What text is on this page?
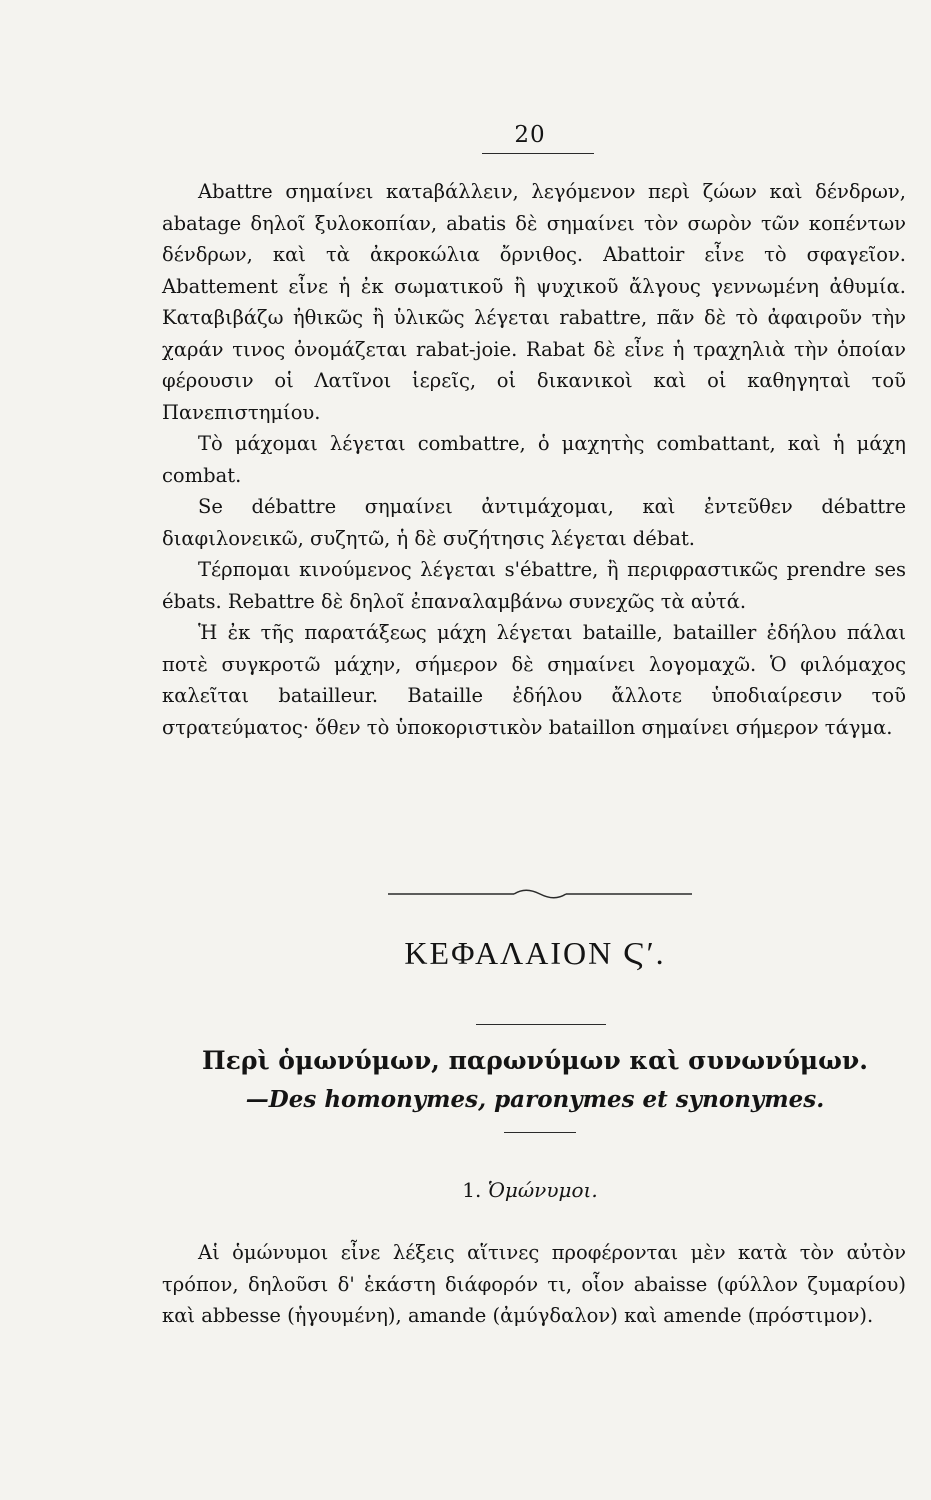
20

Abattre σημαίνει κατaβάλλειν, λεγόμενον περὶ ζώων καὶ δένδρων, abatage δηλοῖ ξυλοκοπίαν, abatis δὲ σημαίνει τὸν σωρὸν τῶν κοπέντων δένδρων, καὶ τὰ ἀκροκώλια ὄρνιθος. Abattoir εἶνε τὸ σφαγεῖον. Abattement εἶνε ἡ ἐκ σωματικοῦ ἢ ψυχικοῦ ἄλγους γεννωμένη ἀθυμία. Καταβιβάζω ἠθικῶς ἢ ὑλικῶς λέγεται rabattre, πᾶν δὲ τὸ ἀφαιροῦν τὴν χαράν τινος ὀνομάζεται rabat-joie. Rabat δὲ εἶνε ἡ τραχηλιὰ τὴν ὁποίαν φέρουσιν οἱ Λατῖνοι ἱερεῖς, οἱ δικανικοὶ καὶ οἱ καθηγηταὶ τοῦ Πανεπιστημίου.

Τὸ μάχομαι λέγεται combattre, ὁ μαχητὴς combattant, καὶ ἡ μάχη combat.

Se débattre σημαίνει ἀντιμάχομαι, καὶ ἐντεῦθεν débattre διαφιλονεικῶ, συζητῶ, ἡ δὲ συζήτησις λέγεται débat.

Τέρπομαι κινούμενος λέγεται s'ébattre, ἢ περιφραστικῶς prendre ses ébats. Rebattre δὲ δηλοῖ ἐπαναλαμβάνω συνεχῶς τὰ αὐτά.

Ἡ ἐκ τῆς παρατάξεως μάχη λέγεται bataille, batailler ἐδήλου πάλαι ποτὲ συγκροτῶ μάχην, σήμερον δὲ σημαίνει λογομαχῶ. Ὁ φιλόμαχος καλεῖται batailleur. Bataille ἐδήλου ἄλλοτε ὑποδιαίρεσιν τοῦ στρατεύματος· ὅθεν τὸ ὑποκοριστικὸν bataillon σημαίνει σήμερον τάγμα.

ΚΕΦΑΛΑΙΟΝ Ϛʹ.
Περὶ ὁμωνύμων, παρωνύμων καὶ συνωνύμων.
—Des homonymes, paronymes et synonymes.
1. Ὁμώνυμοι.

Αἱ ὁμώνυμοι εἶνε λέξεις αἵτινες προφέρονται μὲν κατὰ τὸν αὐτὸν τρόπον, δηλοῦσι δ' ἑκάστη διάφορόν τι, οἷον abaisse (φύλλον ζυμαρίου) καὶ abbesse (ἡγουμένη), amande (ἀμύγδαλον) καὶ amende (πρόστιμον).
